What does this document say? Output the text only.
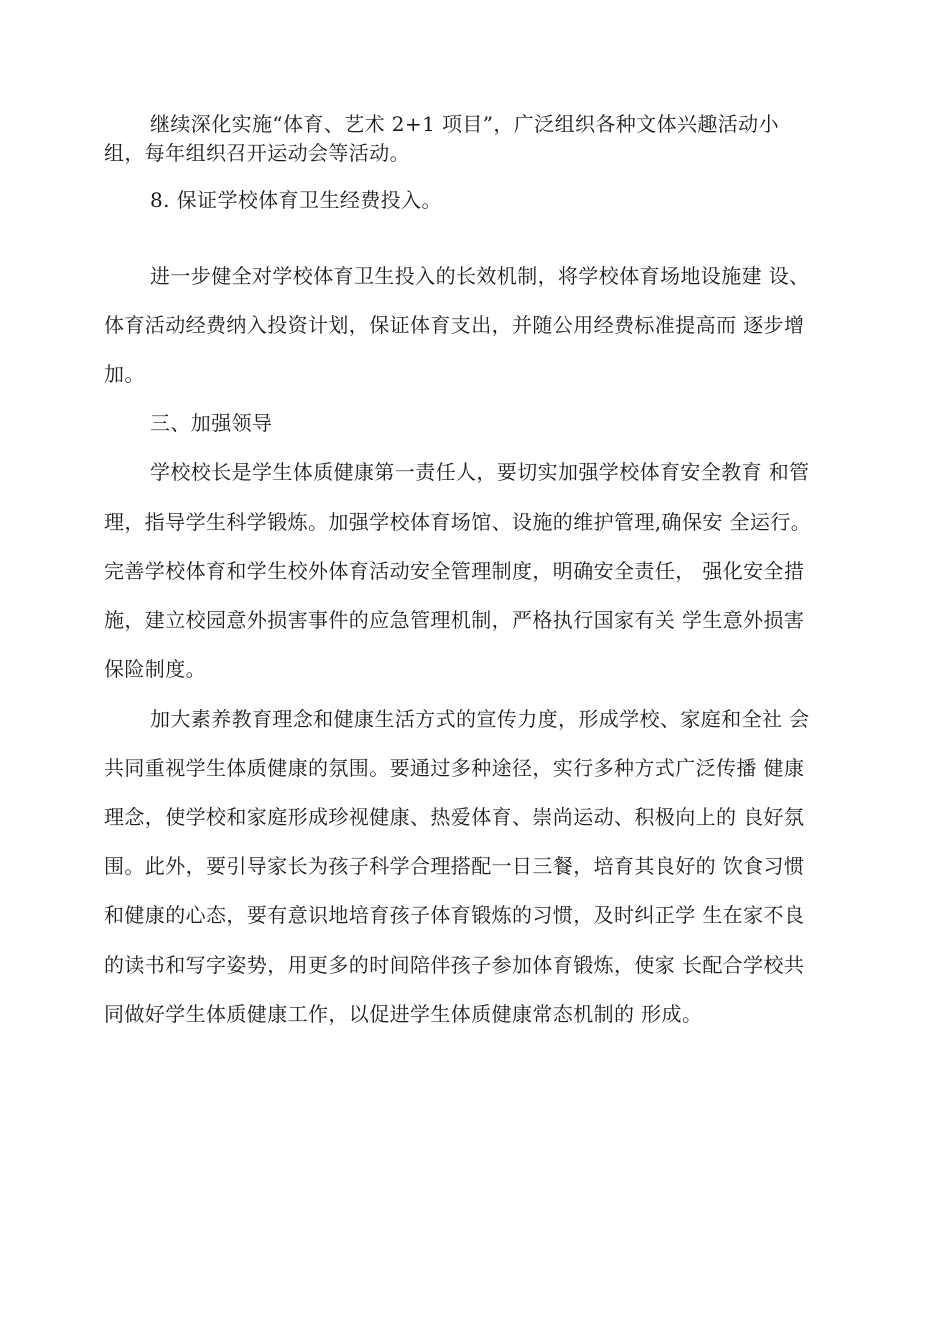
继续深化实施“体育、艺术 2+1 项目”，广泛组织各种文体兴趣活动小
组，每年组织召开运动会等活动。
8. 保证学校体育卫生经费投入。
进一步健全对学校体育卫生投入的长效机制，将学校体育场地设施建 设、
体育活动经费纳入投资计划，保证体育支出，并随公用经费标准提高而 逐步增
加。
三、加强领导
学校校长是学生体质健康第一责任人，要切实加强学校体育安全教育 和管
理，指导学生科学锻炼。加强学校体育场馆、设施的维护管理,确保安 全运行。
完善学校体育和学生校外体育活动安全管理制度，明确安全责任， 强化安全措
施，建立校园意外损害事件的应急管理机制，严格执行国家有关 学生意外损害
保险制度。
加大素养教育理念和健康生活方式的宣传力度，形成学校、家庭和全社 会
共同重视学生体质健康的氛围。要通过多种途径，实行多种方式广泛传播 健康
理念，使学校和家庭形成珍视健康、热爱体育、崇尚运动、积极向上的 良好氛
围。此外，要引导家长为孩子科学合理搭配一日三餐，培育其良好的 饮食习惯
和健康的心态，要有意识地培育孩子体育锻炼的习惯，及时纠正学 生在家不良
的读书和写字姿势，用更多的时间陪伴孩子参加体育锻炼，使家 长配合学校共
同做好学生体质健康工作，以促进学生体质健康常态机制的 形成。
